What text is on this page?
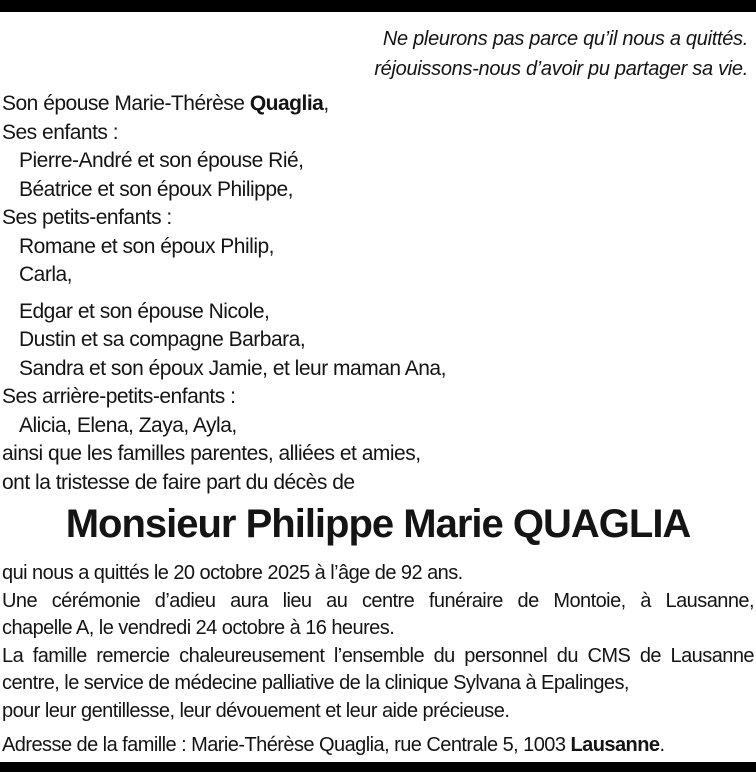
Ne pleurons pas parce qu’il nous a quittés.
réjouissons-nous d’avoir pu partager sa vie.
Son épouse Marie-Thérèse Quaglia,
Ses enfants :
Pierre-André et son épouse Rié,
Béatrice et son époux Philippe,
Ses petits-enfants :
Romane et son époux Philip,
Carla,
Edgar et son épouse Nicole,
Dustin et sa compagne Barbara,
Sandra et son époux Jamie, et leur maman Ana,
Ses arrière-petits-enfants :
Alicia, Elena, Zaya, Ayla,
ainsi que les familles parentes, alliées et amies,
ont la tristesse de faire part du décès de
Monsieur Philippe Marie QUAGLIA
qui nous a quittés le 20 octobre 2025 à l’âge de 92 ans.
Une cérémonie d’adieu aura lieu au centre funéraire de Montoie, à Lausanne,
chapelle A, le vendredi 24 octobre à 16 heures.
La famille remercie chaleureusement l’ensemble du personnel du CMS de Lausanne
centre, le service de médecine palliative de la clinique Sylvana à Epalinges,
pour leur gentillesse, leur dévouement et leur aide précieuse.
Adresse de la famille : Marie-Thérèse Quaglia, rue Centrale 5, 1003 Lausanne.
